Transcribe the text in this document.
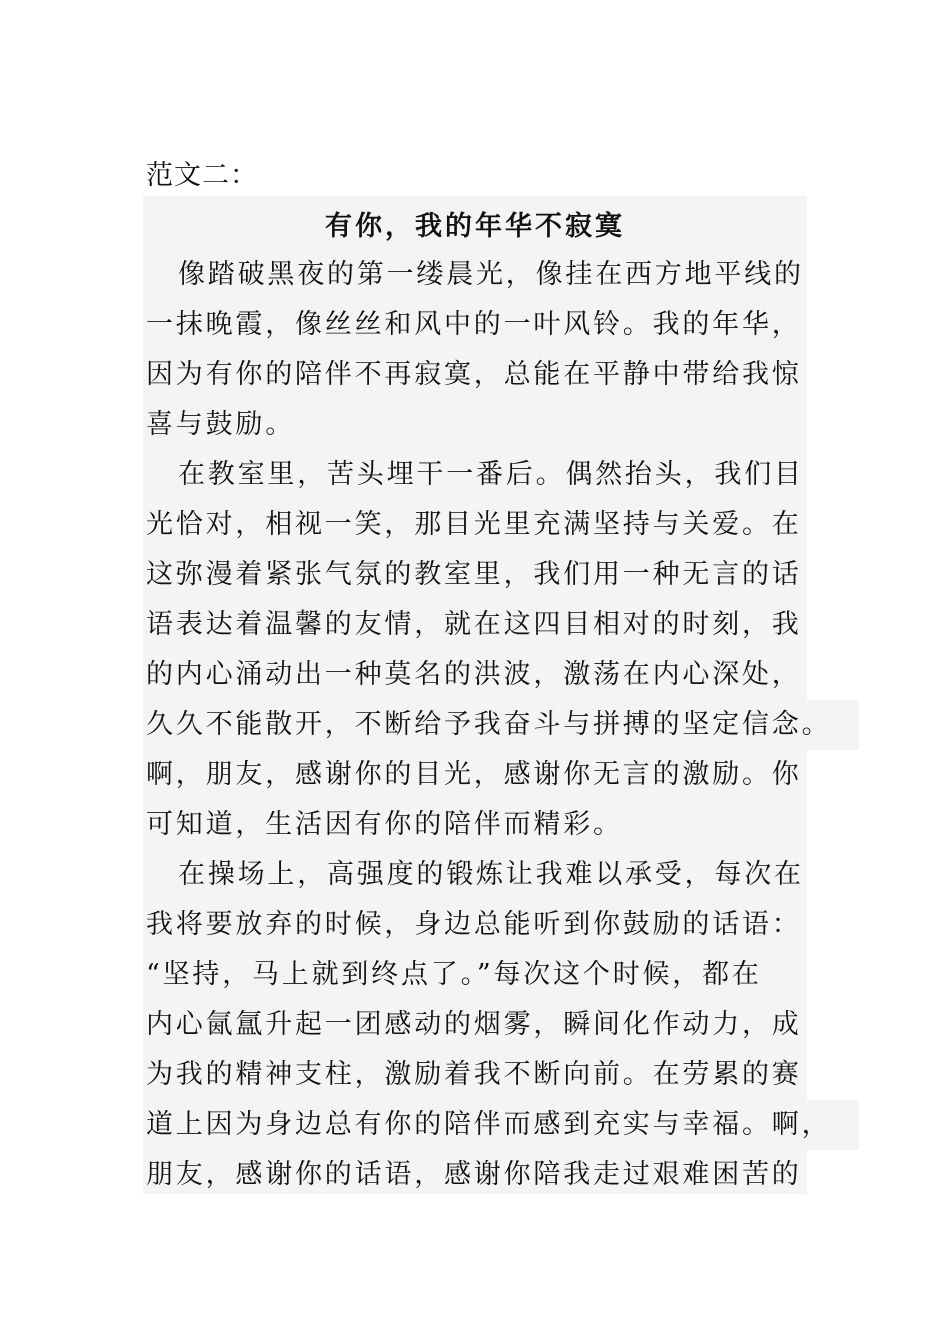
范文二：
有你，我的年华不寂寞
像踏破黑夜的第一缕晨光，像挂在西方地平线的
一抹晚霞，像丝丝和风中的一叶风铃。我的年华，
因为有你的陪伴不再寂寞，总能在平静中带给我惊
喜与鼓励。
在教室里，苦头埋干一番后。偶然抬头，我们目
光恰对，相视一笑，那目光里充满坚持与关爱。在
这弥漫着紧张气氛的教室里，我们用一种无言的话
语表达着温馨的友情，就在这四目相对的时刻，我
的内心涌动出一种莫名的洪波，激荡在内心深处，
久久不能散开，不断给予我奋斗与拼搏的坚定信念。
啊，朋友，感谢你的目光，感谢你无言的激励。你
可知道，生活因有你的陪伴而精彩。
在操场上，高强度的锻炼让我难以承受，每次在
我将要放弃的时候，身边总能听到你鼓励的话语：
“坚持，马上就到终点了。”每次这个时候，都在
内心氤氲升起一团感动的烟雾，瞬间化作动力，成
为我的精神支柱，激励着我不断向前。在劳累的赛
道上因为身边总有你的陪伴而感到充实与幸福。啊，
朋友，感谢你的话语，感谢你陪我走过艰难困苦的
